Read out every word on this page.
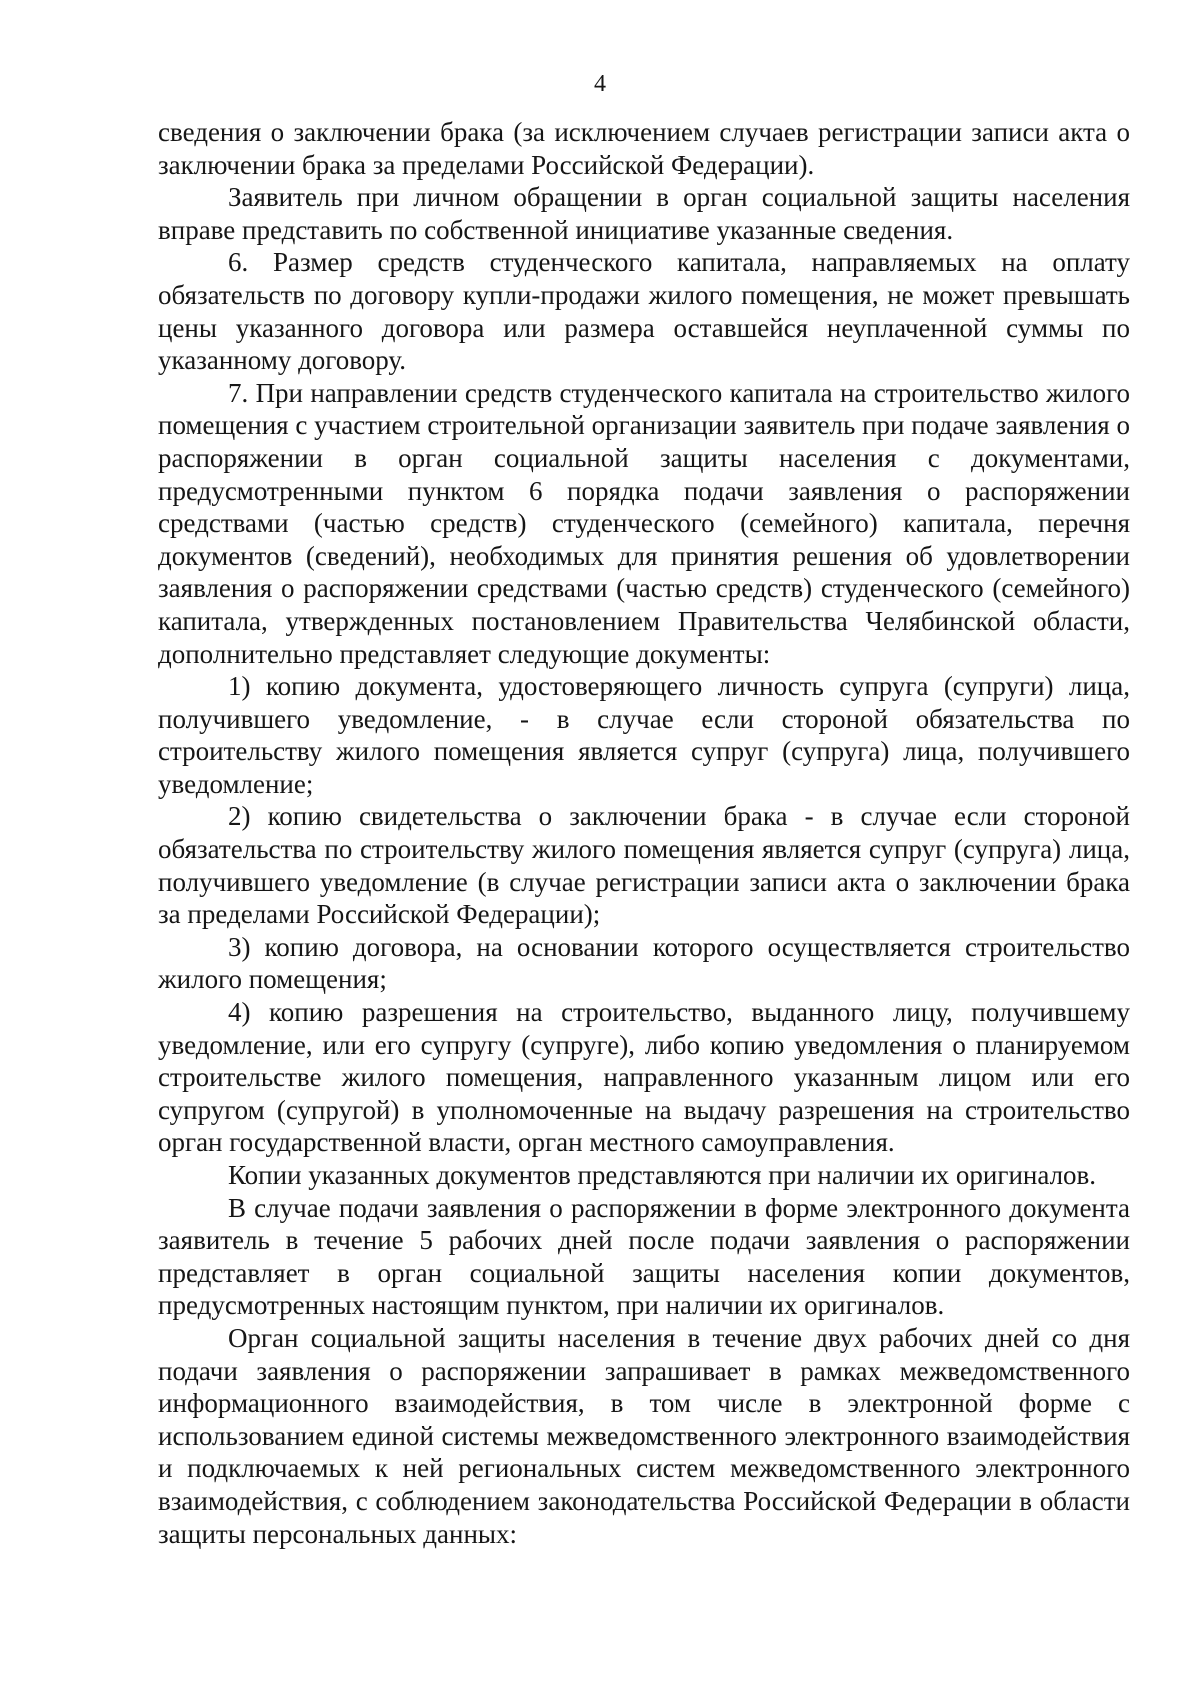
4

сведения о заключении брака (за исключением случаев регистрации записи акта о заключении брака за пределами Российской Федерации).

Заявитель при личном обращении в орган социальной защиты населения вправе представить по собственной инициативе указанные сведения.

6. Размер средств студенческого капитала, направляемых на оплату обязательств по договору купли-продажи жилого помещения, не может превышать цены указанного договора или размера оставшейся неуплаченной суммы по указанному договору.

7. При направлении средств студенческого капитала на строительство жилого помещения с участием строительной организации заявитель при подаче заявления о распоряжении в орган социальной защиты населения с документами, предусмотренными пунктом 6 порядка подачи заявления о распоряжении средствами (частью средств) студенческого (семейного) капитала, перечня документов (сведений), необходимых для принятия решения об удовлетворении заявления о распоряжении средствами (частью средств) студенческого (семейного) капитала, утвержденных постановлением Правительства Челябинской области, дополнительно представляет следующие документы:

1) копию документа, удостоверяющего личность супруга (супруги) лица, получившего уведомление, - в случае если стороной обязательства по строительству жилого помещения является супруг (супруга) лица, получившего уведомление;

2) копию свидетельства о заключении брака - в случае если стороной обязательства по строительству жилого помещения является супруг (супруга) лица, получившего уведомление (в случае регистрации записи акта о заключении брака за пределами Российской Федерации);

3) копию договора, на основании которого осуществляется строительство жилого помещения;

4) копию разрешения на строительство, выданного лицу, получившему уведомление, или его супругу (супруге), либо копию уведомления о планируемом строительстве жилого помещения, направленного указанным лицом или его супругом (супругой) в уполномоченные на выдачу разрешения на строительство орган государственной власти, орган местного самоуправления.

Копии указанных документов представляются при наличии их оригиналов.

В случае подачи заявления о распоряжении в форме электронного документа заявитель в течение 5 рабочих дней после подачи заявления о распоряжении представляет в орган социальной защиты населения копии документов, предусмотренных настоящим пунктом, при наличии их оригиналов.

Орган социальной защиты населения в течение двух рабочих дней со дня подачи заявления о распоряжении запрашивает в рамках межведомственного информационного взаимодействия, в том числе в электронной форме с использованием единой системы межведомственного электронного взаимодействия и подключаемых к ней региональных систем межведомственного электронного взаимодействия, с соблюдением законодательства Российской Федерации в области защиты персональных данных:
